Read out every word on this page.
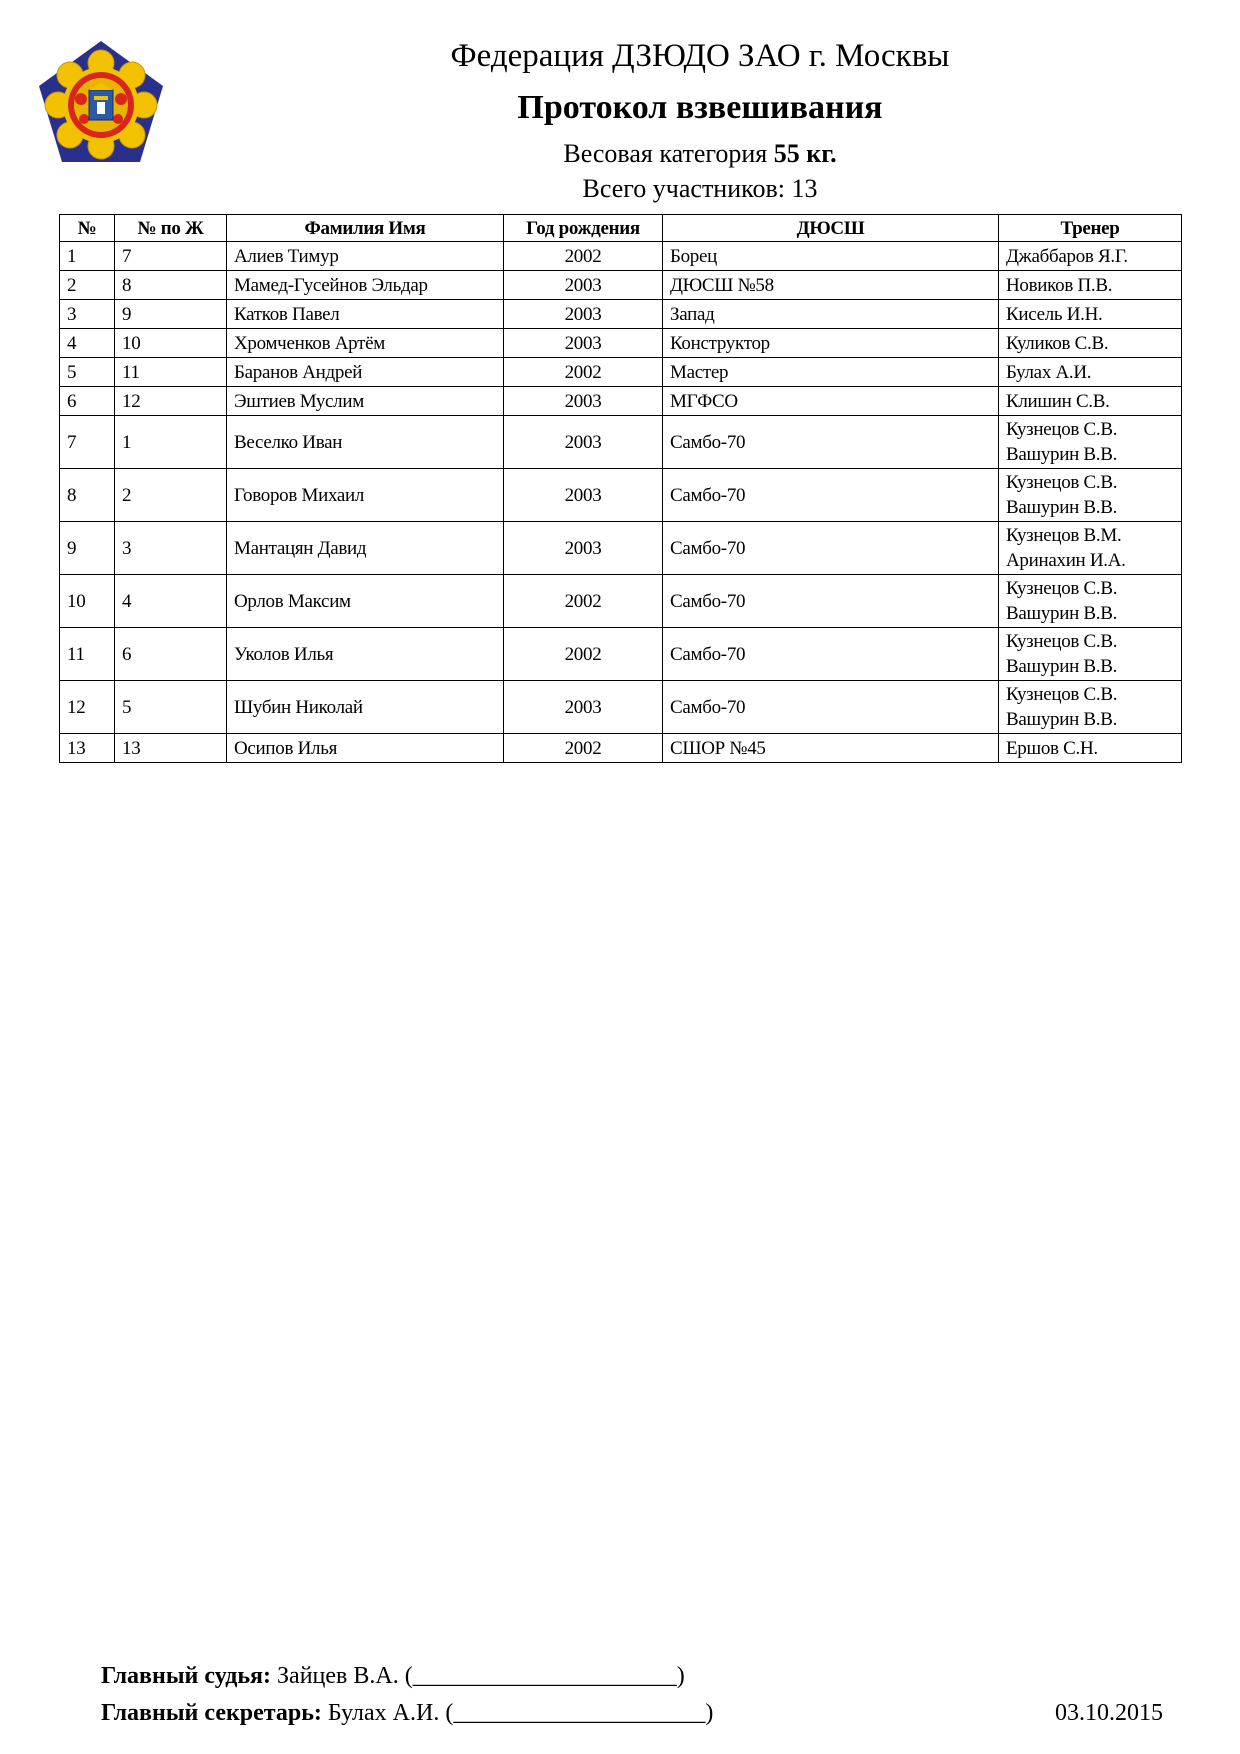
Федерация ДЗЮДО ЗАО г. Москвы
Протокол взвешивания
Весовая категория 55 кг.
Всего участников: 13
№	№ по Ж	Фамилия Имя	Год рождения	ДЮСШ	Тренер
1	7	Алиев Тимур	2002	Борец	Джаббаров Я.Г.

2	8	Мамед-Гусейнов Эльдар	2003	ДЮСШ №58	Новиков П.В.

3	9	Катков Павел	2003	Запад	Кисель И.Н.

4	10	Хромченков Артём	2003	Конструктор	Куликов С.В.

5	11	Баранов Андрей	2002	Мастер	Булах А.И.

6	12	Эштиев Муслим	2003	МГФСО	Клишин С.В.

7	1	Веселко Иван	2003	Самбо-70	Кузнецов С.В.
Вашурин В.В.

8	2	Говоров Михаил	2003	Самбо-70	Кузнецов С.В.
Вашурин В.В.

9	3	Мантацян Давид	2003	Самбо-70	Кузнецов В.М.
Аринахин И.А.

10	4	Орлов Максим	2002	Самбо-70	Кузнецов С.В.
Вашурин В.В.

11	6	Уколов Илья	2002	Самбо-70	Кузнецов С.В.
Вашурин В.В.

12	5	Шубин Николай	2003	Самбо-70	Кузнецов С.В.
Вашурин В.В.

13	13	Осипов Илья	2002	СШОР №45	Ершов С.Н.
Главный судья: Зайцев В.А. (______________________)
Главный секретарь: Булах А.И. (_____________________)	03.10.2015
